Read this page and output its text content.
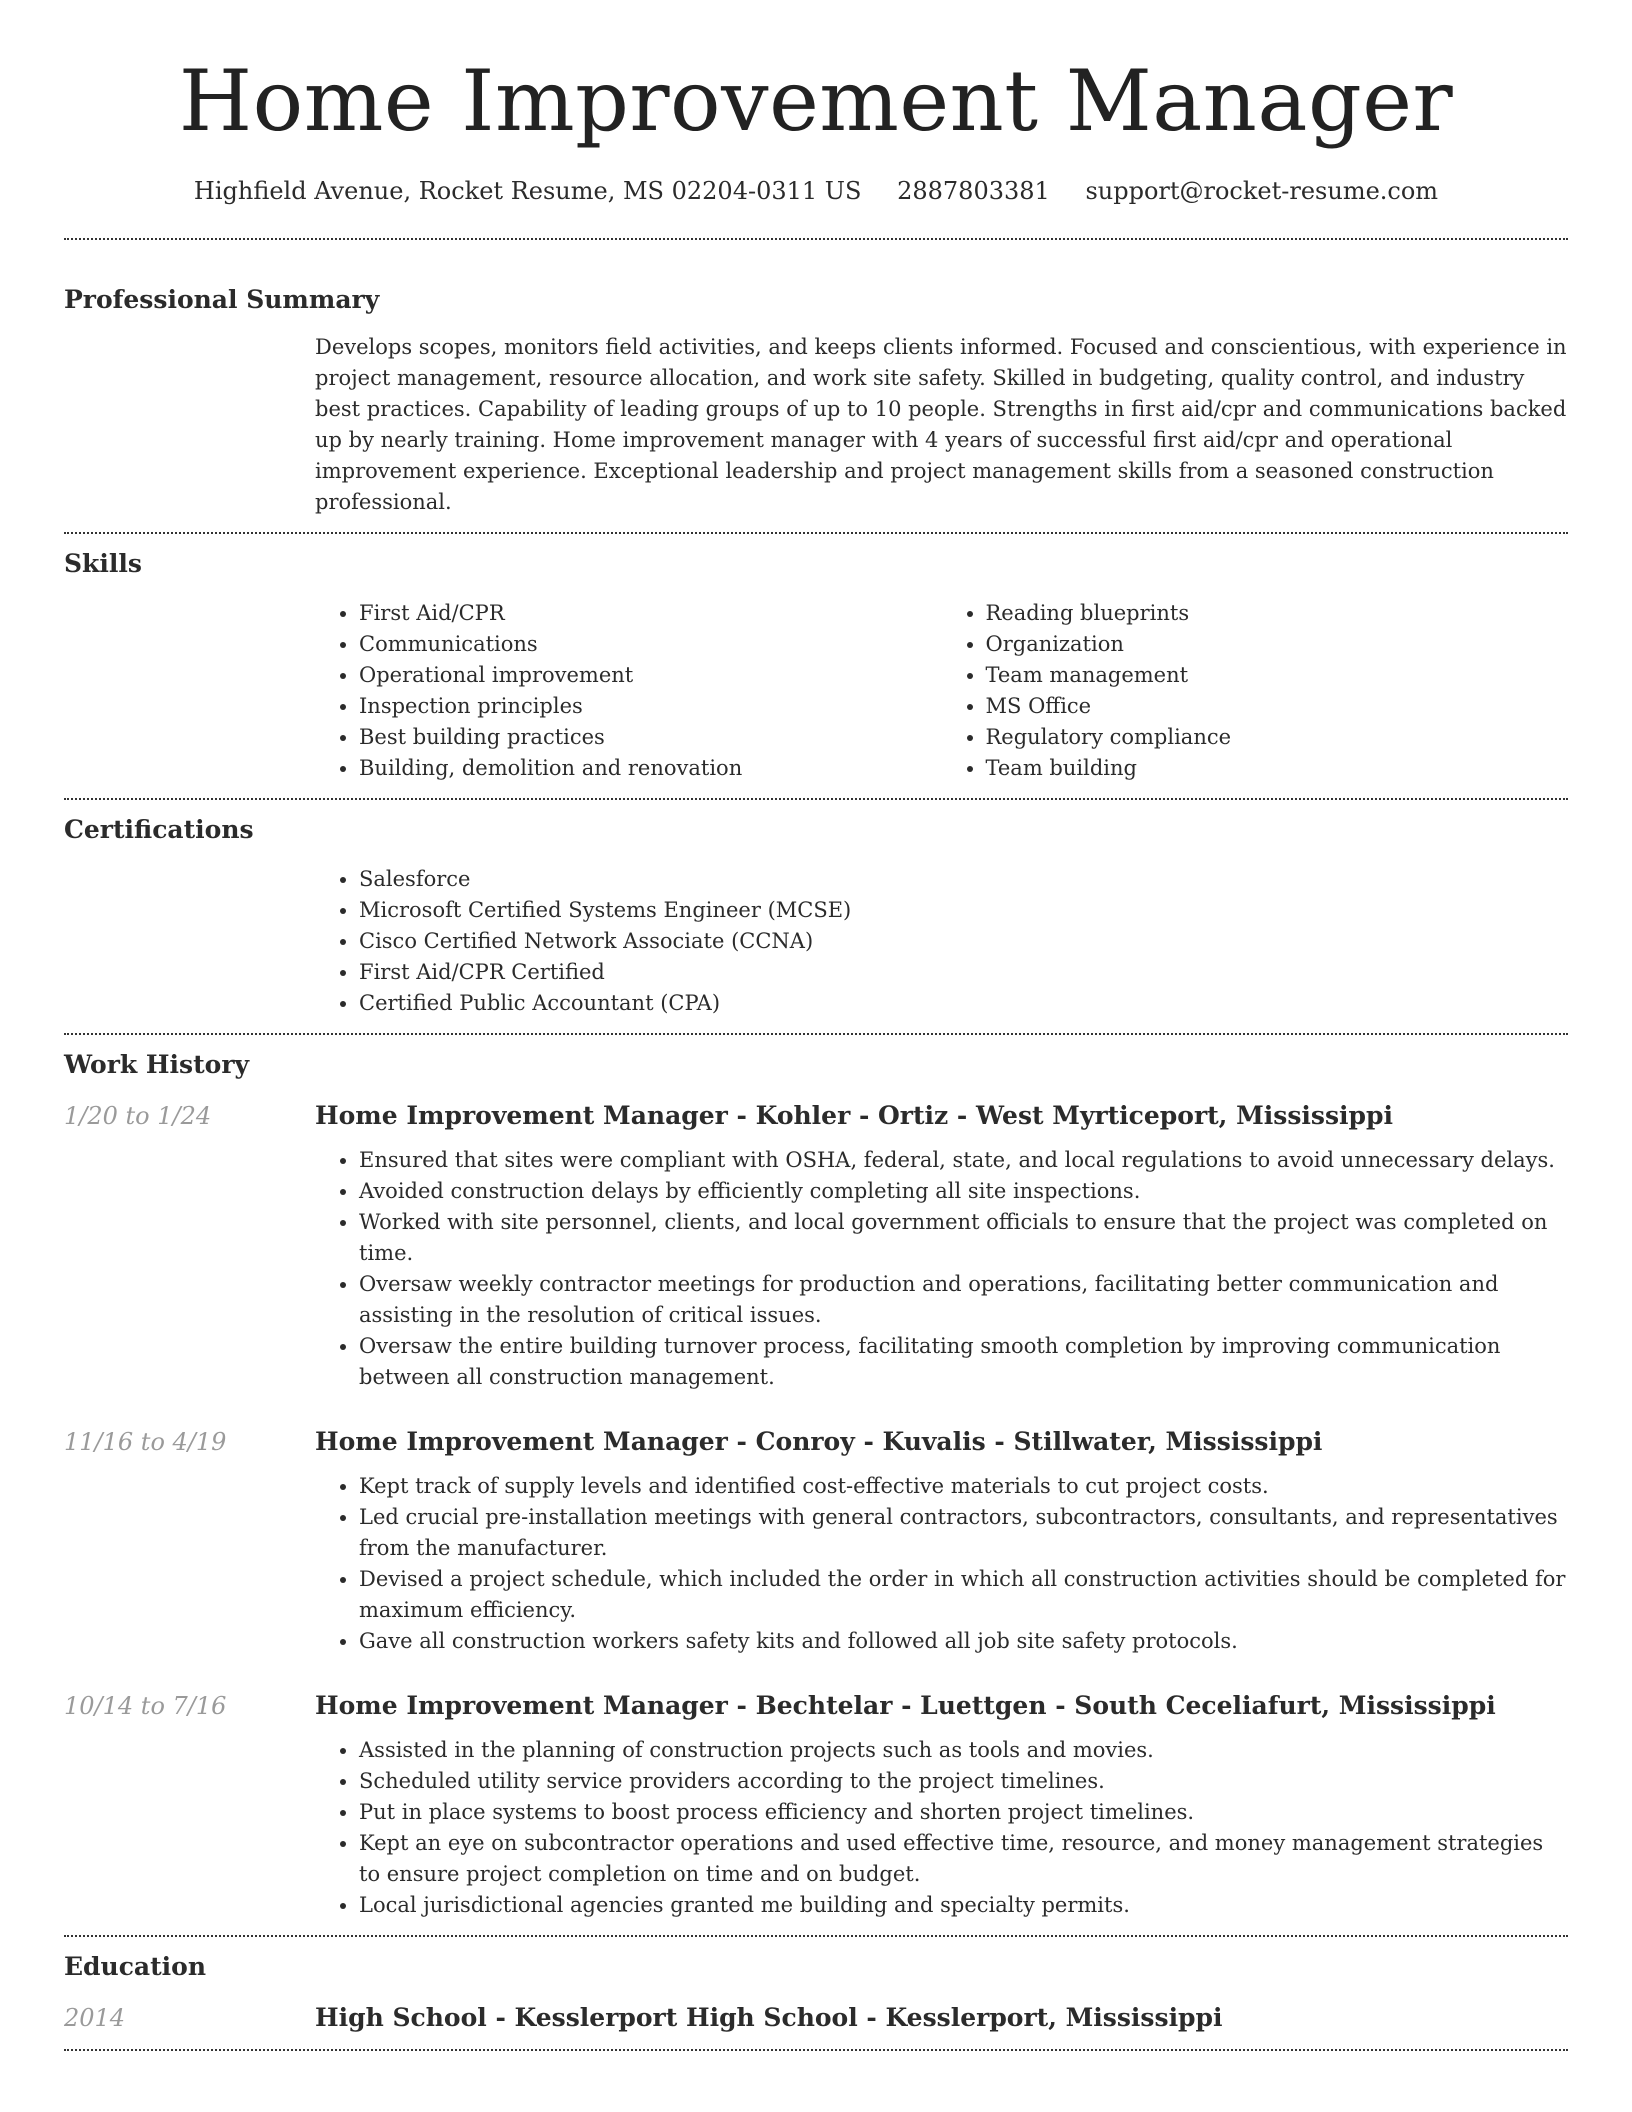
Home Improvement Manager
Highfield Avenue, Rocket Resume, MS 02204-0311 US 2887803381 support@rocket-resume.com
Professional Summary

Develops scopes, monitors field activities, and keeps clients informed. Focused and conscientious, with experience in project management, resource allocation, and work site safety. Skilled in budgeting, quality control, and industry best practices. Capability of leading groups of up to 10 people. Strengths in first aid/cpr and communications backed up by nearly training. Home improvement manager with 4 years of successful first aid/cpr and operational improvement experience. Exceptional leadership and project management skills from a seasoned construction professional.

Skills
• First Aid/CPR
• Communications
• Operational improvement
• Inspection principles
• Best building practices
• Building, demolition and renovation
• Reading blueprints
• Organization
• Team management
• MS Office
• Regulatory compliance
• Team building
Certifications
• Salesforce
• Microsoft Certified Systems Engineer (MCSE)
• Cisco Certified Network Associate (CCNA)
• First Aid/CPR Certified
• Certified Public Accountant (CPA)
Work History
1/20 to 1/24	Home Improvement Manager - Kohler - Ortiz - West Myrticeport, Mississippi
• Ensured that sites were compliant with OSHA, federal, state, and local regulations to avoid unnecessary delays.
• Avoided construction delays by efficiently completing all site inspections.
• Worked with site personnel, clients, and local government officials to ensure that the project was completed on time.
• Oversaw weekly contractor meetings for production and operations, facilitating better communication and assisting in the resolution of critical issues.
• Oversaw the entire building turnover process, facilitating smooth completion by improving communication between all construction management.
11/16 to 4/19	Home Improvement Manager - Conroy - Kuvalis - Stillwater, Mississippi
• Kept track of supply levels and identified cost-effective materials to cut project costs.
• Led crucial pre-installation meetings with general contractors, subcontractors, consultants, and representatives from the manufacturer.
• Devised a project schedule, which included the order in which all construction activities should be completed for maximum efficiency.
• Gave all construction workers safety kits and followed all job site safety protocols.
10/14 to 7/16	Home Improvement Manager - Bechtelar - Luettgen - South Ceceliafurt, Mississippi
• Assisted in the planning of construction projects such as tools and movies.
• Scheduled utility service providers according to the project timelines.
• Put in place systems to boost process efficiency and shorten project timelines.
• Kept an eye on subcontractor operations and used effective time, resource, and money management strategies to ensure project completion on time and on budget.
• Local jurisdictional agencies granted me building and specialty permits.
Education
2014	High School - Kesslerport High School - Kesslerport, Mississippi
